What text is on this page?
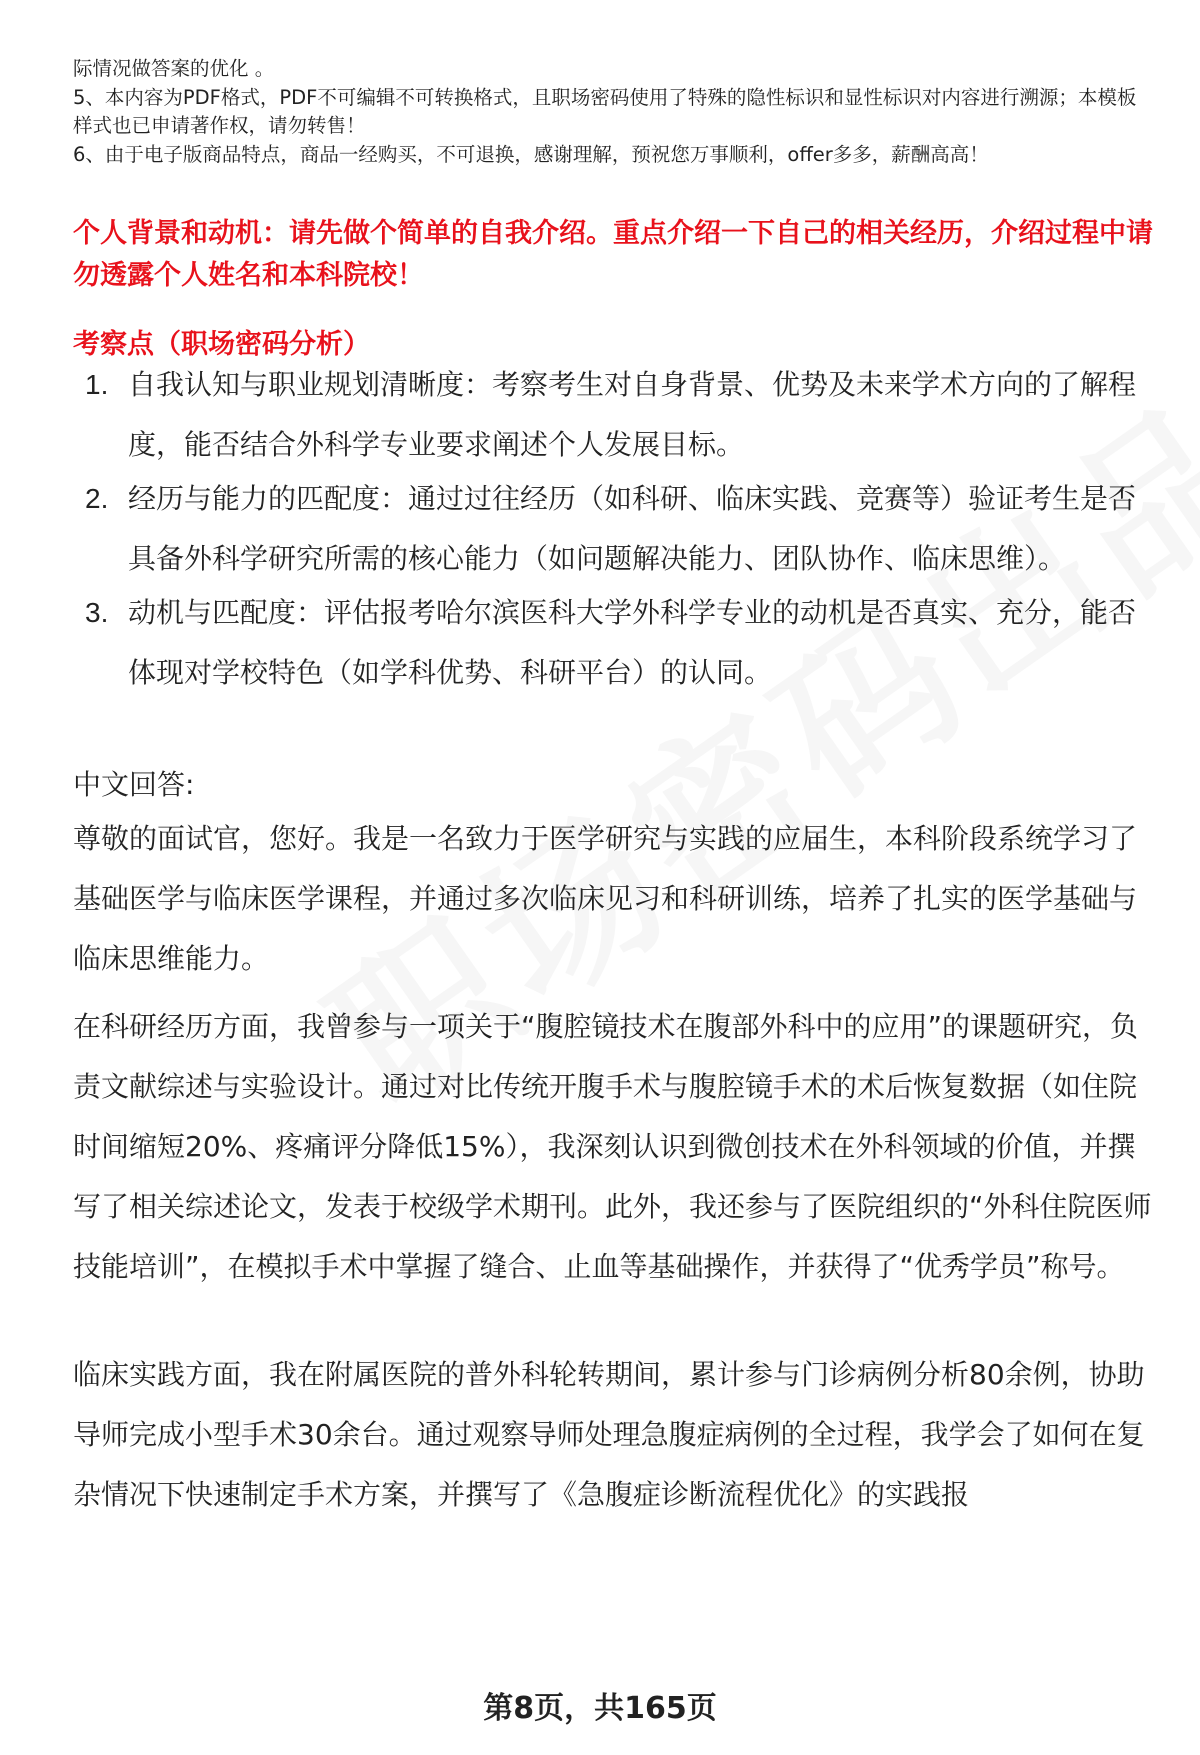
际情况做答案的优化 。
5、本内容为PDF格式，PDF不可编辑不可转换格式，且职场密码使用了特殊的隐性标识和显性标识对内容进行溯源；本模板样式也已申请著作权，请勿转售！
6、由于电子版商品特点，商品一经购买，不可退换，感谢理解，预祝您万事顺利，offer多多，薪酬高高！
个人背景和动机：请先做个简单的自我介绍。重点介绍一下自己的相关经历，介绍过程中请勿透露个人姓名和本科院校！
考察点（职场密码分析）
1. 自我认知与职业规划清晰度：考察考生对自身背景、优势及未来学术方向的了解程度，能否结合外科学专业要求阐述个人发展目标。
2. 经历与能力的匹配度：通过过往经历（如科研、临床实践、竞赛等）验证考生是否具备外科学研究所需的核心能力（如问题解决能力、团队协作、临床思维）。
3. 动机与匹配度：评估报考哈尔滨医科大学外科学专业的动机是否真实、充分，能否体现对学校特色（如学科优势、科研平台）的认同。
中文回答:
尊敬的面试官，您好。我是一名致力于医学研究与实践的应届生，本科阶段系统学习了基础医学与临床医学课程，并通过多次临床见习和科研训练，培养了扎实的医学基础与临床思维能力。
在科研经历方面，我曾参与一项关于“腹腔镜技术在腹部外科中的应用”的课题研究，负责文献综述与实验设计。通过对比传统开腹手术与腹腔镜手术的术后恢复数据（如住院时间缩短20%、疼痛评分降低15%），我深刻认识到微创技术在外科领域的价值，并撰写了相关综述论文，发表于校级学术期刊。此外，我还参与了医院组织的“外科住院医师技能培训”，在模拟手术中掌握了缝合、止血等基础操作，并获得了“优秀学员”称号。
临床实践方面，我在附属医院的普外科轮转期间，累计参与门诊病例分析80余例，协助导师完成小型手术30余台。通过观察导师处理急腹症病例的全过程，我学会了如何在复杂情况下快速制定手术方案，并撰写了《急腹症诊断流程优化》的实践报
第8页，共165页
